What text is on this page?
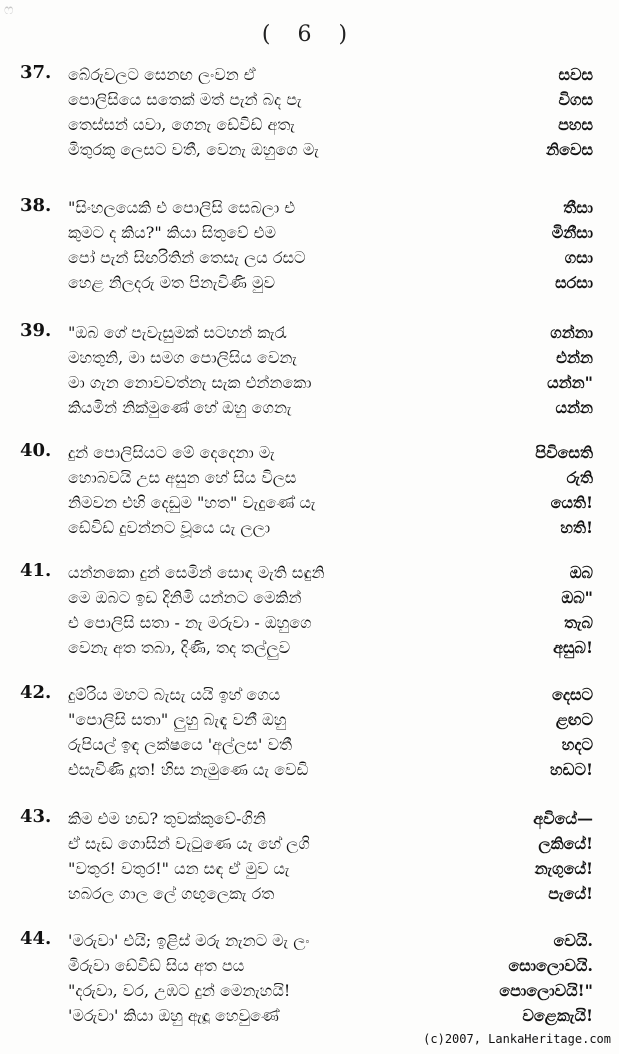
ෆ
( 6 )
37. බේරුවලට සෙනඟ ලංවන ඒ	සවස
පොලිසියෙ සතෙක් මත් පැන් බද පැ	විගස
තෙස්සන් යවා, ගෙනැ ඩේවිඩ් අතැ	පහස
මිතුරකු ලෙසට වතී, වෙනැ ඔහුගෙ මැ	නිවෙස
38. "සිංහලයෙකි එ පොලිසි සෙබලා එ	තීසා
කුමට ද කිය?" කියා සිතුවේ එම	මිනීසා
පෝ පැන් සිඟරිතින් තෙසැ ලය රසට	ගසා
හෙළ නිලදරු මත පිනැවිණි මුව	සරසා
39. "ඔබ ගේ පැවැසුමක් සටහන් කැරැ	ගන්නා
මහතුනි, මා සමග පොලිසිය වෙනැ	එන්න
මා ගැන නොවවත්නැ සැක එන්නකො	යන්න"
කියමින් නික්මුණේ හේ ඔහු ගෙනැ	යන්න
40. දුන් පොලිසියට මේ දෙදෙනා මැ	පිවිසෙති
හොබවයි උස අසුන හේ සිය විලස	රුති
නිමවන එහි දෙඩුම "හත" වැදුණේ යැ	යෙති!
ඩේවිඩ් දුවන්නට වූයෙ යැ ලලා	හති!
41. යන්නකො දුන් සෙමින් සොඳ මැති සඳුනි	ඔබ
මෙ ඔබට ඉඩ දිනිමි යන්නට මෙකින්	ඔබ"
එ පොලිසි සතා - නැ මරුවා - ඔහුගෙ	තැබ
වෙනැ අත තබා, දිණි, තද තල්ලුව	අසුබ!
42. දුම්රිය මහට බැසැ යයි ඉහ් ගෙය	දෙසට
"පොලිසි සතා" ලුහු බැඳැ වනී ඔහු	ළඟට
රුපියල් ඉඳ ලක්ෂයෙ 'අල්ලස' වතී	හදට
එසැවිණි දූත! හිස නැමුණෙ යැ වෙඩි	හඩට!
43. කිම එම හඩ? තුවක්කුවේ-ගිනි	අවියේ—
ඒ සැඩ ගොසින් වැටුණෙ යැ හේ ලගි	ලකියේ!
"වතුර! වතුර!" යන සඳ ඒ මුව යැ	නැගුයේ!
හබරල ගාල ලේ ගඟුලෙකැ රත	පැයේ!
44. 'මරුවා' එයි; ඉළිස් මරු නැනට මැ ලං	වෙයි.
මිරුවා ඩේවිඩ් සිය අත පය	සොලොවයි.
"දරුවා, වර, උඹට දුන් මෙනැහයි!	පොලොවයි!"
'මරුවා' කියා ඔහු ඇඳූ හෙවුණේ	වළෙකැයි!
(c)2007, LankaHeritage.com
